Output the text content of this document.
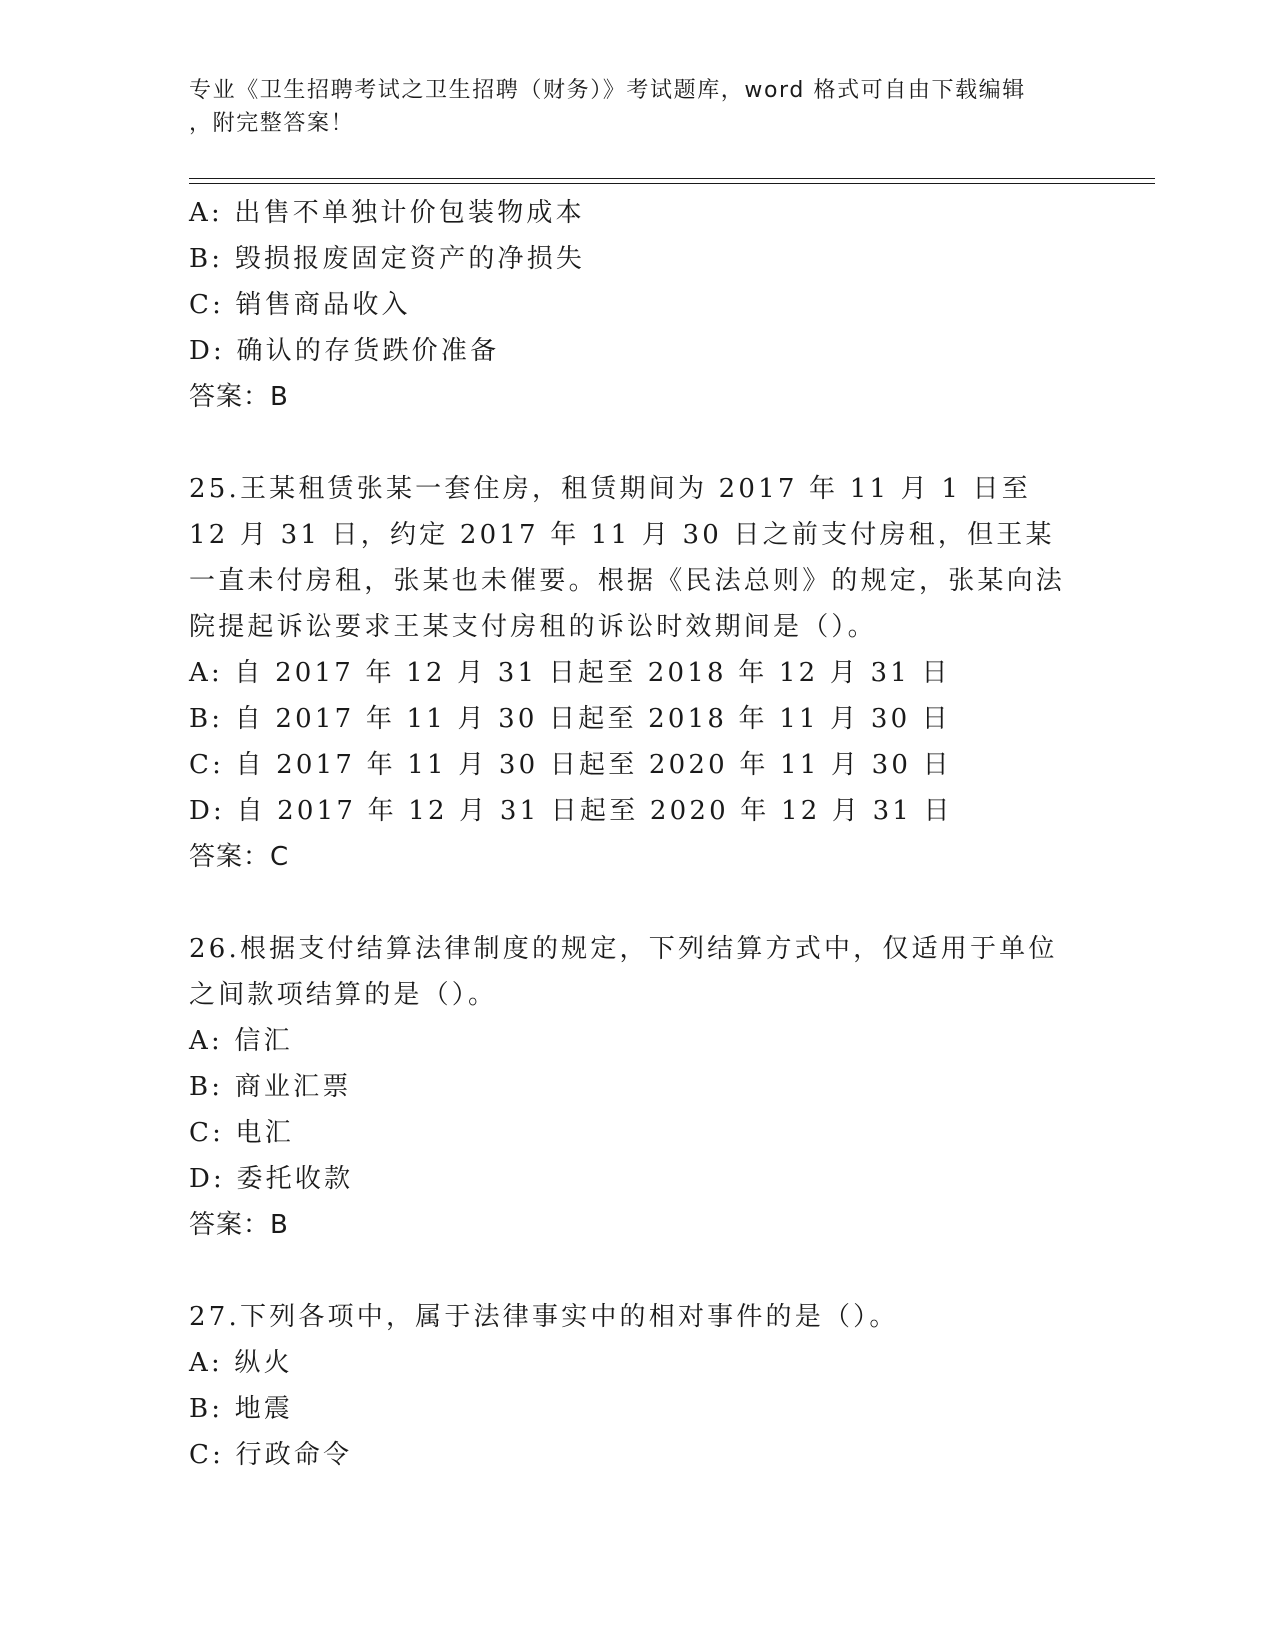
专业《卫生招聘考试之卫生招聘（财务）》考试题库，word 格式可自由下载编辑
，附完整答案！
A: 出售不单独计价包装物成本
B: 毁损报废固定资产的净损失
C: 销售商品收入
D: 确认的存货跌价准备
答案：B
25.王某租赁张某一套住房，租赁期间为 2017 年 11 月 1 日至 12 月 31 日，约定 2017 年 11 月 30 日之前支付房租，但王某一直未付房租，张某也未催要。根据《民法总则》的规定，张某向法院提起诉讼要求王某支付房租的诉讼时效期间是（）。
A: 自 2017 年 12 月 31 日起至 2018 年 12 月 31 日
B: 自 2017 年 11 月 30 日起至 2018 年 11 月 30 日
C: 自 2017 年 11 月 30 日起至 2020 年 11 月 30 日
D: 自 2017 年 12 月 31 日起至 2020 年 12 月 31 日
答案：C
26.根据支付结算法律制度的规定，下列结算方式中，仅适用于单位之间款项结算的是（）。
A: 信汇
B: 商业汇票
C: 电汇
D: 委托收款
答案：B
27.下列各项中，属于法律事实中的相对事件的是（）。
A: 纵火
B: 地震
C: 行政命令
